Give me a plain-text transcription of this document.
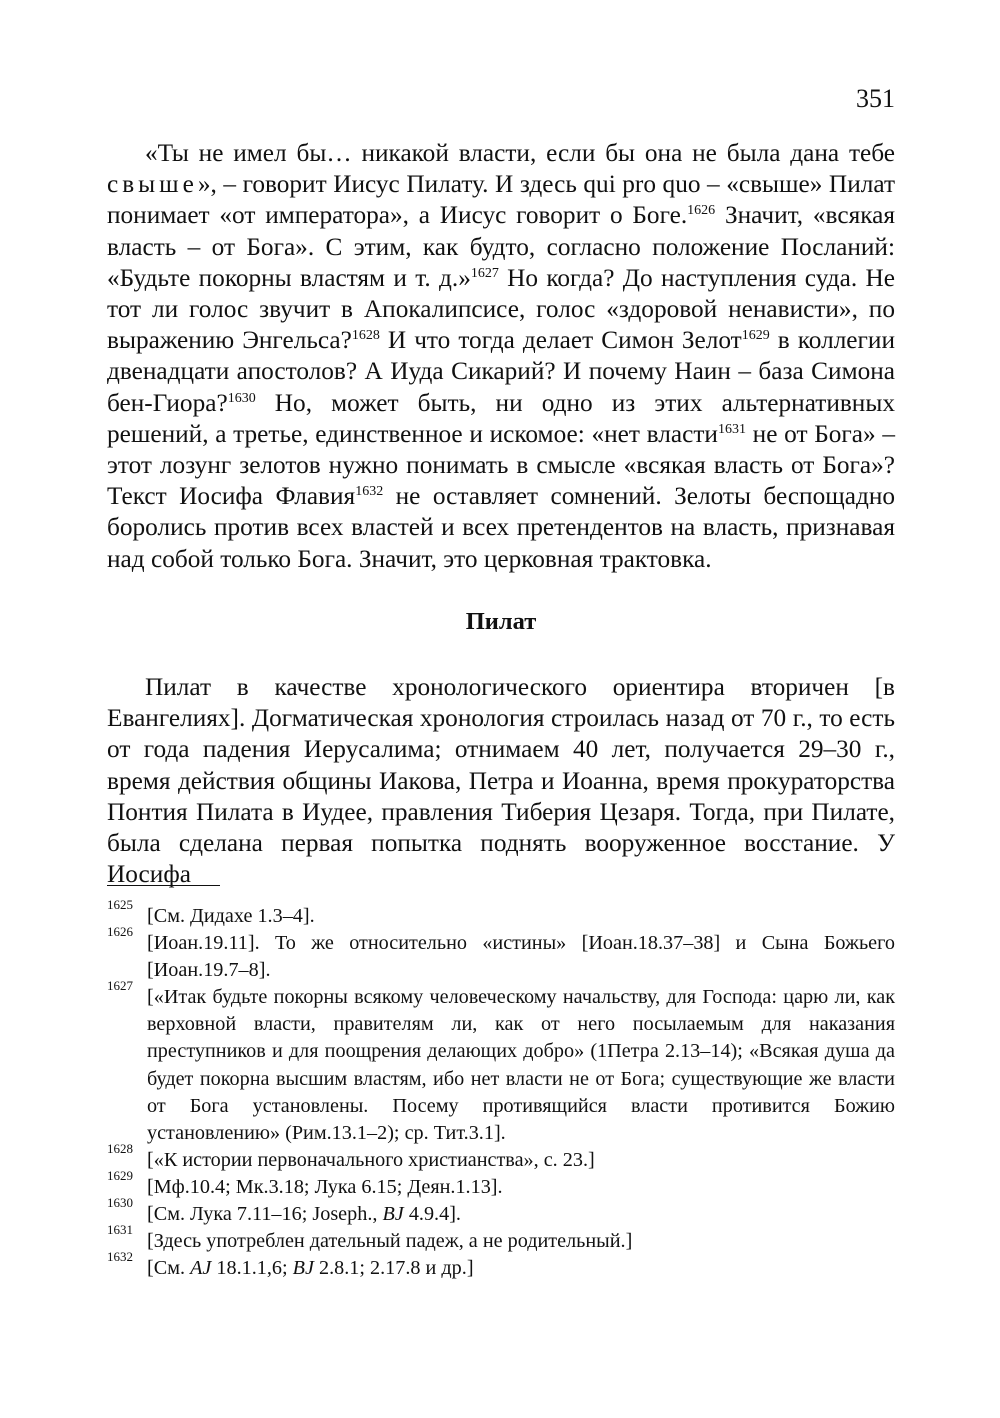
351

«Ты не имел бы… никакой власти, если бы она не была дана тебе свыше», – говорит Иисус Пилату. И здесь qui pro quo – «свыше» Пилат понимает «от императора», а Иисус говорит о Боге.$^{1626}$ Значит, «всякая власть – от Бога». С этим, как будто, согласно положение Посланий: «Будьте покорны властям и т. д.»$^{1627}$ Но когда? До наступления суда. Не тот ли голос звучит в Апокалипсисе, голос «здоровой ненависти», по выражению Энгельса?$^{1628}$ И что тогда делает Симон Зелот$^{1629}$ в коллегии двенадцати апостолов? А Иуда Сикарий? И почему Наин – база Симона бен-Гиора?$^{1630}$ Но, может быть, ни одно из этих альтернативных решений, а третье, единственное и искомое: «нет власти$^{1631}$ не от Бога» – этот лозунг зелотов нужно понимать в смысле «всякая власть от Бога»? Текст Иосифа Флавия$^{1632}$ не оставляет сомнений. Зелоты беспощадно боролись против всех властей и всех претендентов на власть, признавая над собой только Бога. Значит, это церковная трактовка.

Пилат

Пилат в качестве хронологического ориентира вторичен [в Евангелиях]. Догматическая хронология строилась назад от 70 г., то есть от года падения Иерусалима; отнимаем 40 лет, получается 29–30 г., время действия общины Иакова, Петра и Иоанна, время прокураторства Понтия Пилата в Иудее, правления Тиберия Цезаря. Тогда, при Пилате, была сделана первая попытка поднять вооруженное восстание. У Иосифа

1625
[См. Дидахе 1.3–4].
1626
[Иоан.19.11]. То же относительно «истины» [Иоан.18.37–38] и Сына Божьего [Иоан.19.7–8].
1627
[«Итак будьте покорны всякому человеческому начальству, для Господа: царю ли, как верховной власти, правителям ли, как от него посылаемым для наказания преступников и для поощрения делающих добро» (1Петра 2.13–14); «Всякая душа да будет покорна высшим властям, ибо нет власти не от Бога; существующие же власти от Бога установлены. Посему противящийся власти противится Божию установлению» (Рим.13.1–2); ср. Тит.3.1].
1628
[«К истории первоначального христианства», с. 23.]
1629
[Мф.10.4; Мк.3.18; Лука 6.15; Деян.1.13].
1630
[См. Лука 7.11–16; Joseph., BJ 4.9.4].
1631
[Здесь употреблен дательный падеж, а не родительный.]
1632
[См. AJ 18.1.1,6; BJ 2.8.1; 2.17.8 и др.]
